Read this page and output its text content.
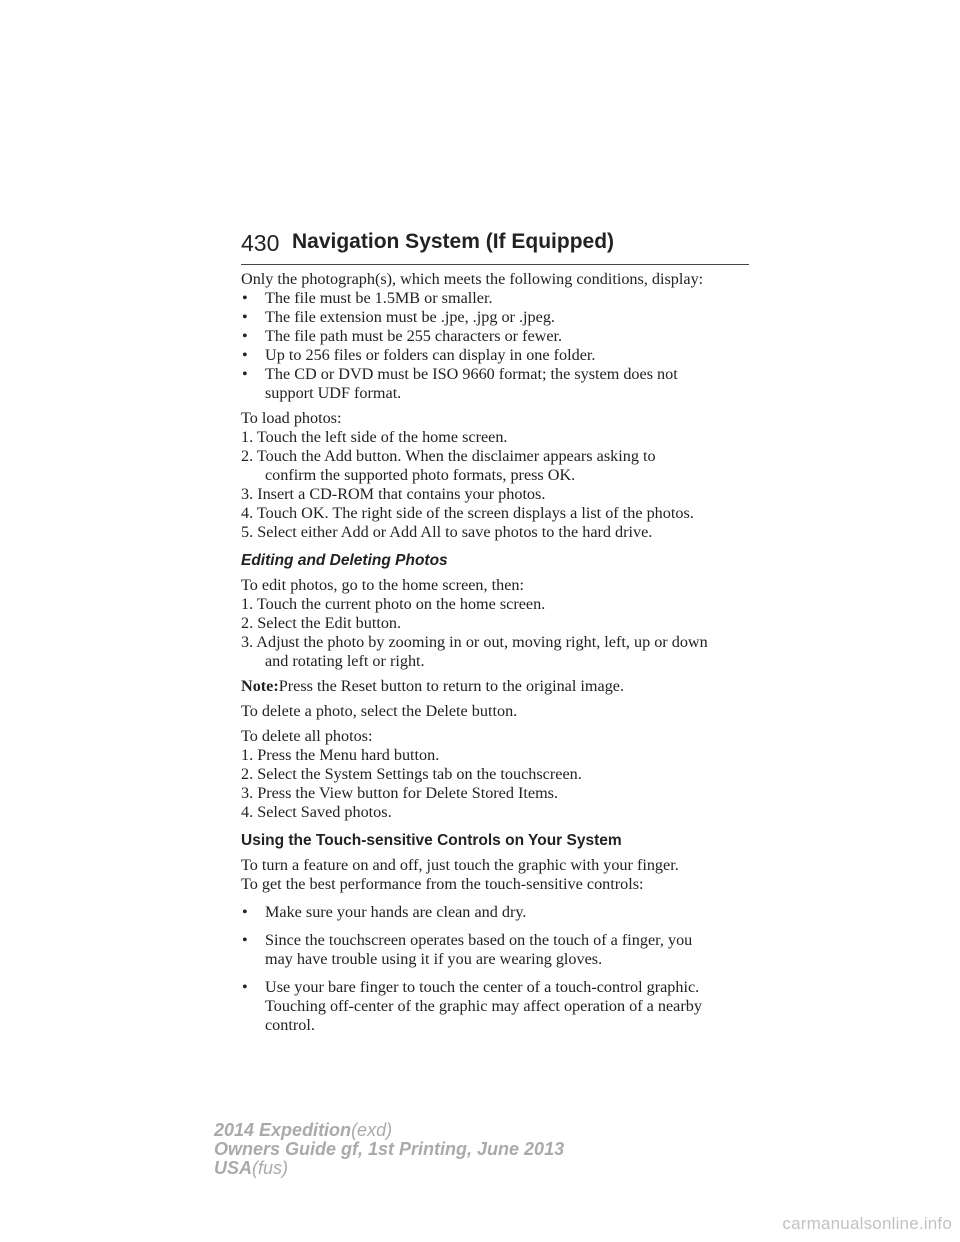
430 Navigation System (If Equipped)
Only the photograph(s), which meets the following conditions, display:
• The file must be 1.5MB or smaller.
• The file extension must be .jpe, .jpg or .jpeg.
• The file path must be 255 characters or fewer.
• Up to 256 files or folders can display in one folder.
• The CD or DVD must be ISO 9660 format; the system does not
support UDF format.
To load photos:
1. Touch the left side of the home screen.
2. Touch the Add button. When the disclaimer appears asking to
confirm the supported photo formats, press OK.
3. Insert a CD-ROM that contains your photos.
4. Touch OK. The right side of the screen displays a list of the photos.
5. Select either Add or Add All to save photos to the hard drive.
Editing and Deleting Photos
To edit photos, go to the home screen, then:
1. Touch the current photo on the home screen.
2. Select the Edit button.
3. Adjust the photo by zooming in or out, moving right, left, up or down
and rotating left or right.
Note:Press the Reset button to return to the original image.
To delete a photo, select the Delete button.
To delete all photos:
1. Press the Menu hard button.
2. Select the System Settings tab on the touchscreen.
3. Press the View button for Delete Stored Items.
4. Select Saved photos.
Using the Touch-sensitive Controls on Your System
To turn a feature on and off, just touch the graphic with your finger.
To get the best performance from the touch-sensitive controls:
• Make sure your hands are clean and dry.
• Since the touchscreen operates based on the touch of a finger, you
may have trouble using it if you are wearing gloves.
• Use your bare finger to touch the center of a touch-control graphic.
Touching off-center of the graphic may affect operation of a nearby
control.
2014 Expedition(exd)
Owners Guide gf, 1st Printing, June 2013
USA(fus)
carmanualsonline.info
